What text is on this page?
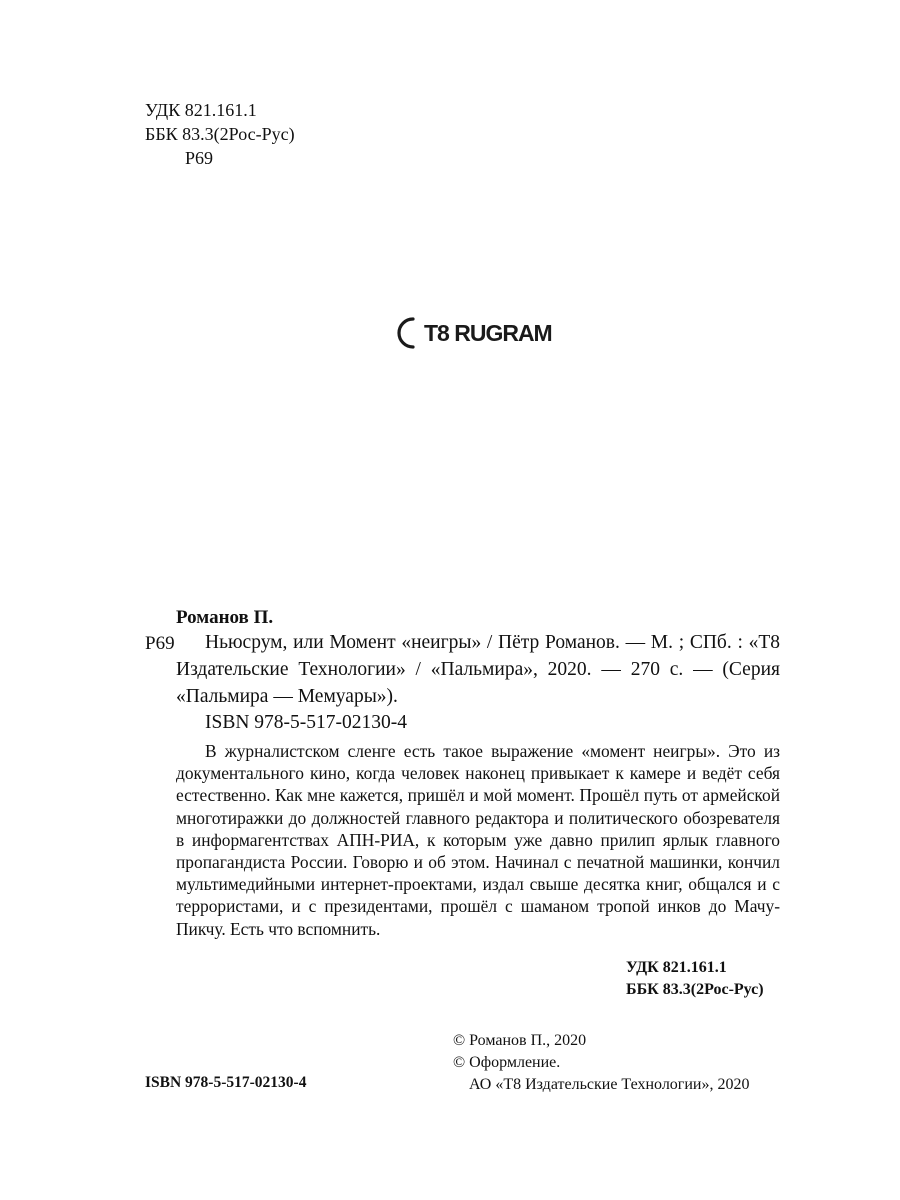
УДК 821.161.1
ББК 83.3(2Рос-Рус)
Р69
T8 RUGRAM
Романов П.
Р69	Ньюсрум, или Момент «неигры» / Пётр Романов. — М. ; СПб. : «Т8 Издательские Технологии» / «Пальмира», 2020. — 270 с. — (Серия «Пальмира — Мемуары»).
ISBN 978-5-517-02130-4
В журналистском сленге есть такое выражение «момент неигры». Это из документального кино, когда человек наконец привыкает к камере и ведёт себя естественно. Как мне кажется, пришёл и мой момент. Прошёл путь от армейской многотиражки до должностей главного редактора и политического обозревателя в информагентствах АПН-РИА, к которым уже давно прилип ярлык главного пропагандиста России. Говорю и об этом. Начинал с печатной машинки, кончил мультимедийными интернет-проектами, издал свыше десятка книг, общался и с террористами, и с президентами, прошёл с шаманом тропой инков до Мачу-Пикчу. Есть что вспомнить.
УДК 821.161.1
ББК 83.3(2Рос-Рус)
© Романов П., 2020
© Оформление.
АО «Т8 Издательские Технологии», 2020
ISBN 978-5-517-02130-4
